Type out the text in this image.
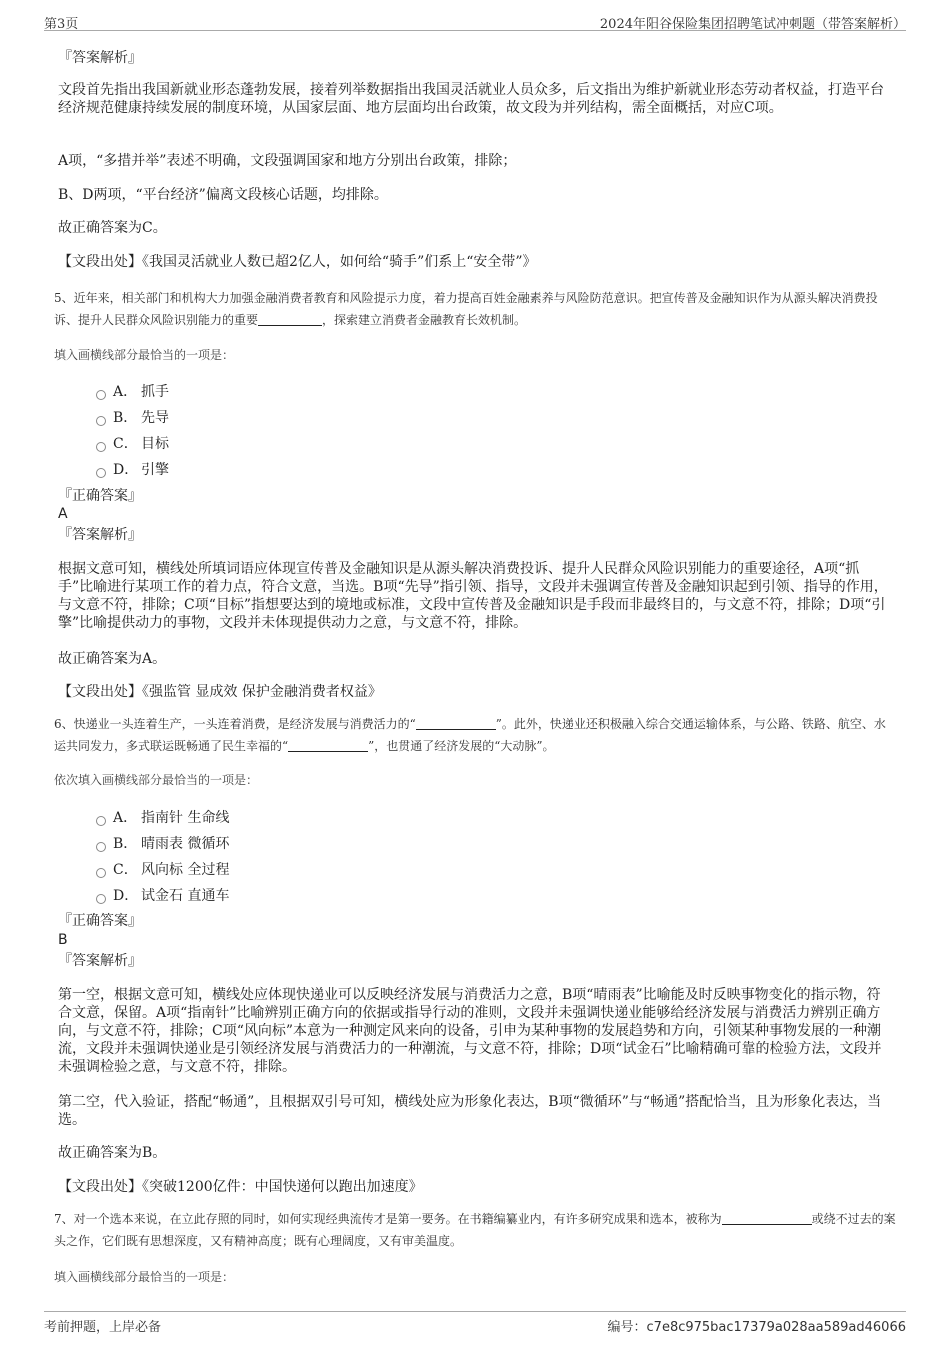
第3页	2024年阳谷保险集团招聘笔试冲刺题（带答案解析）
『答案解析』
文段首先指出我国新就业形态蓬勃发展，接着列举数据指出我国灵活就业人员众多，后文指出为维护新就业形态劳动者权益，打造平台经济规范健康持续发展的制度环境，从国家层面、地方层面均出台政策，故文段为并列结构，需全面概括，对应C项。
A项，“多措并举”表述不明确，文段强调国家和地方分别出台政策，排除；
B、D两项，“平台经济”偏离文段核心话题，均排除。
故正确答案为C。
【文段出处】《我国灵活就业人数已超2亿人，如何给“骑手”们系上“安全带”》
5、近年来，相关部门和机构大力加强金融消费者教育和风险提示力度，着力提高百姓金融素养与风险防范意识。把宣传普及金融知识作为从源头解决消费投诉、提升人民群众风险识别能力的重要	，探索建立消费者金融教育长效机制。
填入画横线部分最恰当的一项是：
A． 抓手
B． 先导
C． 目标
D． 引擎
『正确答案』
A
『答案解析』
根据文意可知，横线处所填词语应体现宣传普及金融知识是从源头解决消费投诉、提升人民群众风险识别能力的重要途径，A项“抓手”比喻进行某项工作的着力点，符合文意，当选。B项“先导”指引领、指导，文段并未强调宣传普及金融知识起到引领、指导的作用，与文意不符，排除；C项“目标”指想要达到的境地或标准，文段中宣传普及金融知识是手段而非最终目的，与文意不符，排除；D项“引擎”比喻提供动力的事物，文段并未体现提供动力之意，与文意不符，排除。
故正确答案为A。
【文段出处】《强监管 显成效 保护金融消费者权益》
6、快递业一头连着生产，一头连着消费，是经济发展与消费活力的“	”。此外，快递业还积极融入综合交通运输体系，与公路、铁路、航空、水运共同发力，多式联运既畅通了民生幸福的“	”，也贯通了经济发展的“大动脉”。
依次填入画横线部分最恰当的一项是：
A． 指南针 生命线
B． 晴雨表 微循环
C． 风向标 全过程
D． 试金石 直通车
『正确答案』
B
『答案解析』
第一空，根据文意可知，横线处应体现快递业可以反映经济发展与消费活力之意，B项“晴雨表”比喻能及时反映事物变化的指示物，符合文意，保留。A项“指南针”比喻辨别正确方向的依据或指导行动的准则，文段并未强调快递业能够给经济发展与消费活力辨别正确方向，与文意不符，排除；C项“风向标”本意为一种测定风来向的设备，引申为某种事物的发展趋势和方向，引领某种事物发展的一种潮流，文段并未强调快递业是引领经济发展与消费活力的一种潮流，与文意不符，排除；D项“试金石”比喻精确可靠的检验方法，文段并未强调检验之意，与文意不符，排除。
第二空，代入验证，搭配“畅通”，且根据双引号可知，横线处应为形象化表达，B项“微循环”与“畅通”搭配恰当，且为形象化表达，当选。
故正确答案为B。
【文段出处】《突破1200亿件：中国快递何以跑出加速度》
7、对一个选本来说，在立此存照的同时，如何实现经典流传才是第一要务。在书籍编纂业内，有许多研究成果和选本，被称为	或绕不过去的案头之作，它们既有思想深度，又有精神高度；既有心理阔度，又有审美温度。
填入画横线部分最恰当的一项是：
考前押题，上岸必备	编号：c7e8c975bac17379a028aa589ad46066
